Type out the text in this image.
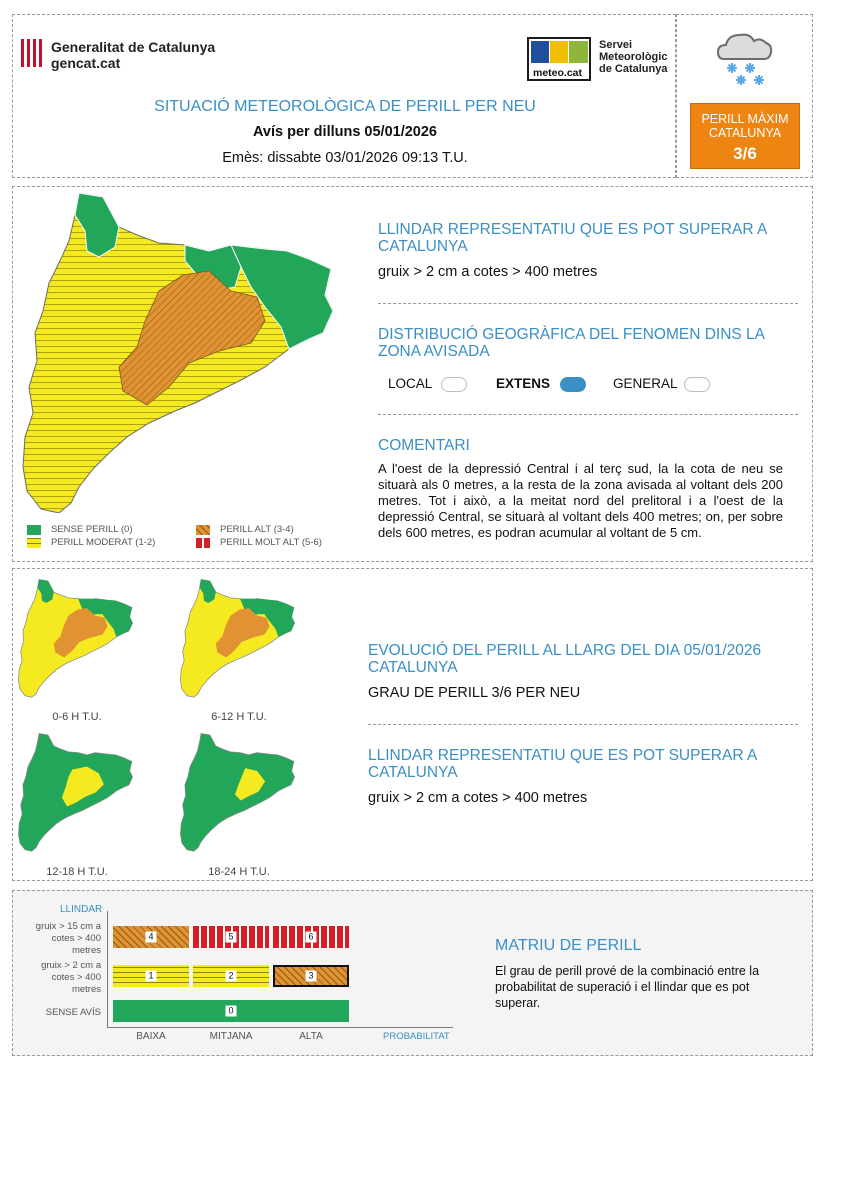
Generalitat de Catalunya
gencat.cat
meteo.cat
Servei
Meteorològic
de Catalunya
SITUACIÓ METEOROLÒGICA DE PERILL PER NEU
Avís per dilluns 05/01/2026
Emès: dissabte 03/01/2026 09:13 T.U.
PERILL MÀXIM
CATALUNYA
3/6
SENSE PERILL (0)
PERILL MODERAT (1-2)
PERILL ALT (3-4)
PERILL MOLT ALT (5-6)
LLINDAR REPRESENTATIU QUE ES POT SUPERAR A CATALUNYA
gruix > 2 cm a cotes > 400 metres
DISTRIBUCIÓ GEOGRÀFICA DEL FENOMEN DINS LA ZONA AVISADA
LOCAL	EXTENS	GENERAL
COMENTARI
A l'oest de la depressió Central i al terç sud, la la cota de neu se situarà als 0 metres, a la resta de la zona avisada al voltant dels 200 metres. Tot i això, a la meitat nord del prelitoral i a l'oest de la depressió Central, se situarà al voltant dels 400 metres; on, per sobre dels 600 metres, es podran acumular al voltant de 5 cm.
0-6 H T.U.	6-12 H T.U.
12-18 H T.U.	18-24 H T.U.
EVOLUCIÓ DEL PERILL AL LLARG DEL DIA 05/01/2026 CATALUNYA
GRAU DE PERILL 3/6 PER NEU
LLINDAR REPRESENTATIU QUE ES POT SUPERAR A CATALUNYA
gruix > 2 cm a cotes > 400 metres
LLINDAR
gruix > 15 cm a cotes > 400 metres
gruix > 2 cm a cotes > 400 metres
SENSE AVÍS
4	5	6
1	2	3
0
BAIXA	MITJANA	ALTA	PROBABILITAT
MATRIU DE PERILL
El grau de perill prové de la combinació entre la probabilitat de superació i el llindar que es pot superar.
